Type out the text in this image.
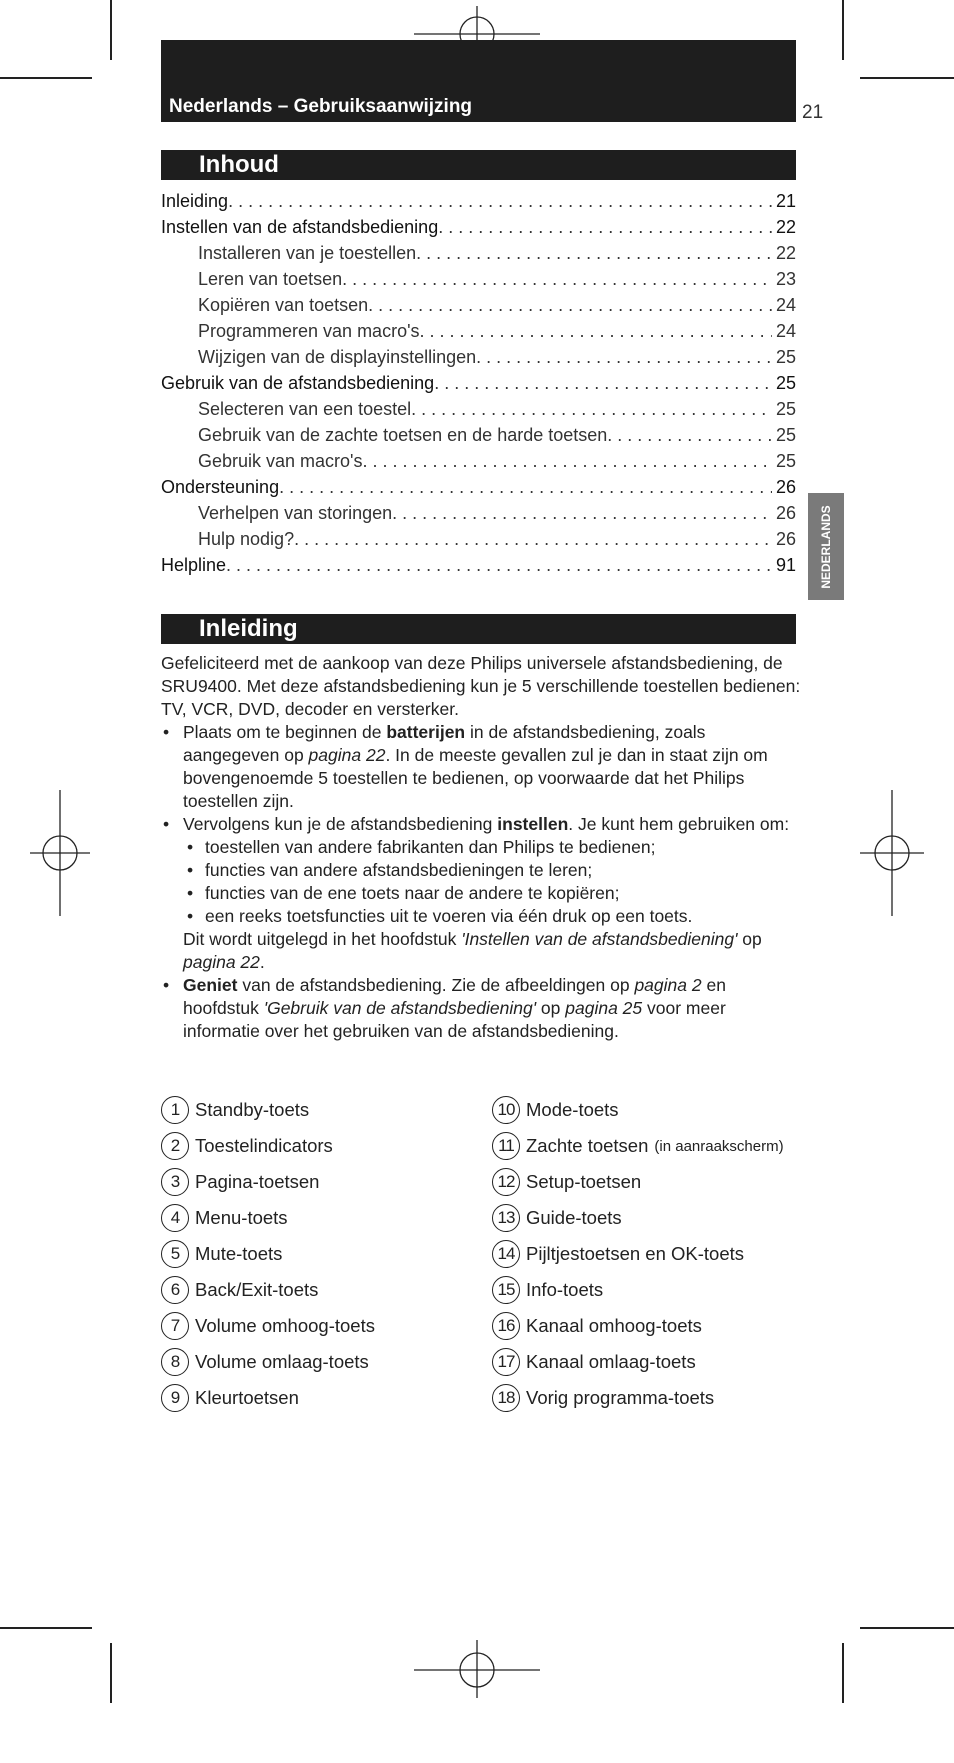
Nederlands – Gebruiksaanwijzing	21
NEDERLANDS
Inhoud
Inleiding . . .	21
Instellen van de afstandsbediening . . .	22
Installeren van je toestellen . . .	22
Leren van toetsen . . .	23
Kopiëren van toetsen . . .	24
Programmeren van macro's . . .	24
Wijzigen van de displayinstellingen . . .	25
Gebruik van de afstandsbediening . . .	25
Selecteren van een toestel . . .	25
Gebruik van de zachte toetsen en de harde toetsen . . .	25
Gebruik van macro's . . .	25
Ondersteuning . . .	26
Verhelpen van storingen . . .	26
Hulp nodig? . . .	26
Helpline . . .	91
Inleiding

Gefeliciteerd met de aankoop van deze Philips universele afstandsbediening, de SRU9400. Met deze afstandsbediening kun je 5 verschillende toestellen bedienen: TV, VCR, DVD, decoder en versterker.

• Plaats om te beginnen de batterijen in de afstandsbediening, zoals aangegeven op pagina 22. In de meeste gevallen zul je dan in staat zijn om bovengenoemde 5 toestellen te bedienen, op voorwaarde dat het Philips toestellen zijn.
• Vervolgens kun je de afstandsbediening instellen. Je kunt hem gebruiken om:
• toestellen van andere fabrikanten dan Philips te bedienen;
• functies van andere afstandsbedieningen te leren;
• functies van de ene toets naar de andere te kopiëren;
• een reeks toetsfuncties uit te voeren via één druk op een toets.
Dit wordt uitgelegd in het hoofdstuk 'Instellen van de afstandsbediening' op pagina 22.
• Geniet van de afstandsbediening. Zie de afbeeldingen op pagina 2 en hoofdstuk 'Gebruik van de afstandsbediening' op pagina 25 voor meer informatie over het gebruiken van de afstandsbediening.
1 Standby-toets
2 Toestelindicators
3 Pagina-toetsen
4 Menu-toets
5 Mute-toets
6 Back/Exit-toets
7 Volume omhoog-toets
8 Volume omlaag-toets
9 Kleurtoetsen
10 Mode-toets
11 Zachte toetsen (in aanraakscherm)
12 Setup-toetsen
13 Guide-toets
14 Pijltjestoetsen en OK-toets
15 Info-toets
16 Kanaal omhoog-toets
17 Kanaal omlaag-toets
18 Vorig programma-toets
